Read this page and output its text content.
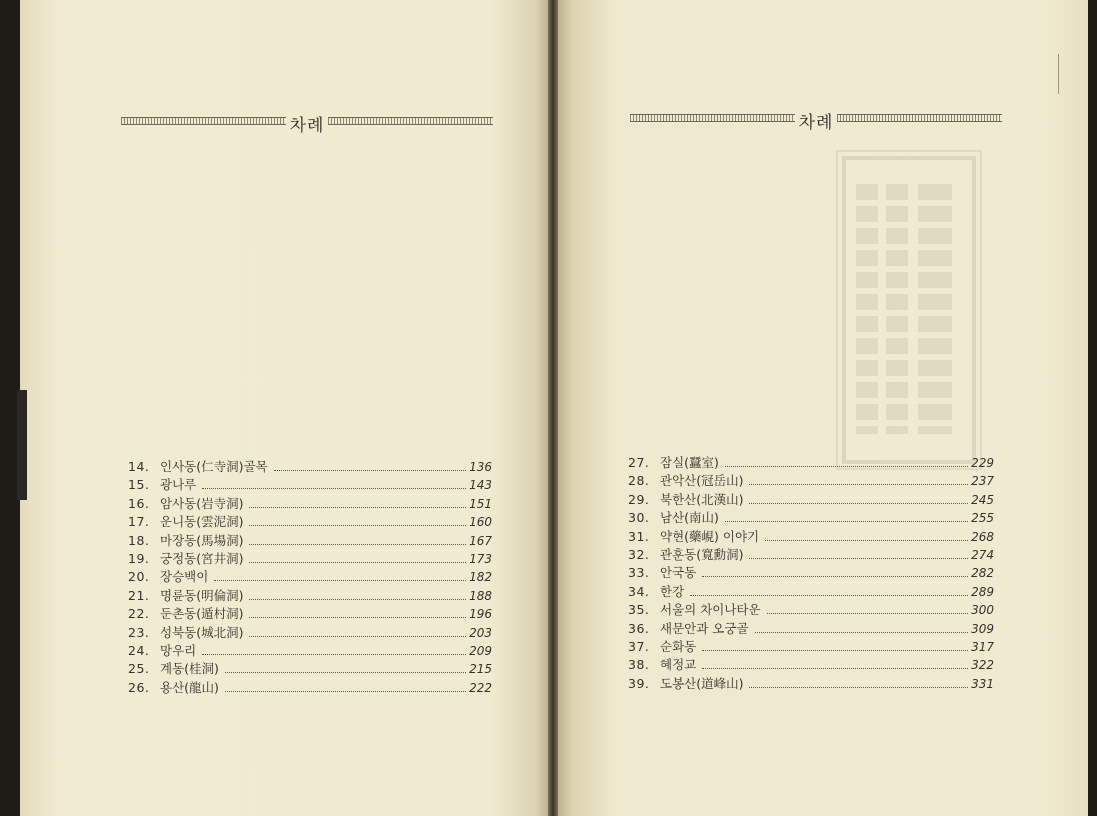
차례	차례
14. 인사동(仁寺洞)골목	136
15. 광나루	143
16. 암사동(岩寺洞)	151
17. 운니동(雲泥洞)	160
18. 마장동(馬場洞)	167
19. 궁정동(宮井洞)	173
20. 장승백이	182
21. 명륜동(明倫洞)	188
22. 둔촌동(遁村洞)	196
23. 성북동(城北洞)	203
24. 망우리	209
25. 계동(桂洞)	215
26. 용산(龍山)	222
27. 잠실(蠶室)	229
28. 관악산(冠岳山)	237
29. 북한산(北漢山)	245
30. 남산(南山)	255
31. 약현(藥峴) 이야기	268
32. 관훈동(寬勳洞)	274
33. 안국동	282
34. 한강	289
35. 서울의 차이나타운	300
36. 새문안과 오궁골	309
37. 순화동	317
38. 혜정교	322
39. 도봉산(道峰山)	331
